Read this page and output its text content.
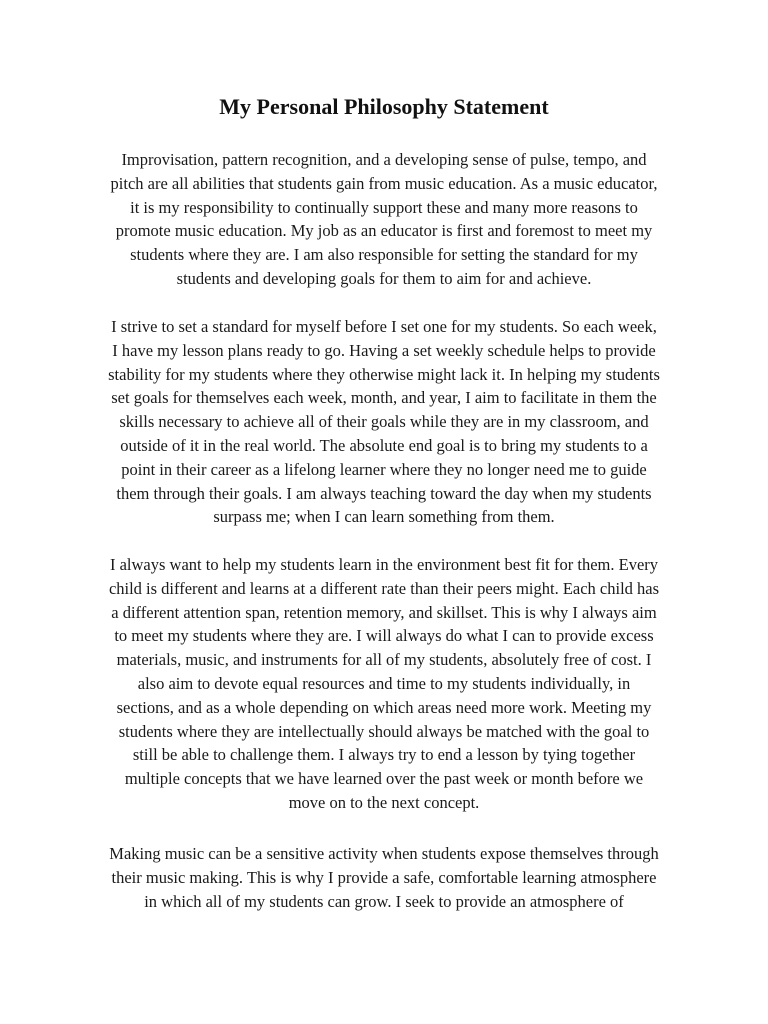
My Personal Philosophy Statement

Improvisation, pattern recognition, and a developing sense of pulse, tempo, and
pitch are all abilities that students gain from music education. As a music educator,
it is my responsibility to continually support these and many more reasons to
promote music education. My job as an educator is first and foremost to meet my
students where they are. I am also responsible for setting the standard for my
students and developing goals for them to aim for and achieve.

I strive to set a standard for myself before I set one for my students. So each week,
I have my lesson plans ready to go. Having a set weekly schedule helps to provide
stability for my students where they otherwise might lack it. In helping my students
set goals for themselves each week, month, and year, I aim to facilitate in them the
skills necessary to achieve all of their goals while they are in my classroom, and
outside of it in the real world. The absolute end goal is to bring my students to a
point in their career as a lifelong learner where they no longer need me to guide
them through their goals. I am always teaching toward the day when my students
surpass me; when I can learn something from them.

I always want to help my students learn in the environment best fit for them. Every
child is different and learns at a different rate than their peers might. Each child has
a different attention span, retention memory, and skillset. This is why I always aim
to meet my students where they are. I will always do what I can to provide excess
materials, music, and instruments for all of my students, absolutely free of cost. I
also aim to devote equal resources and time to my students individually, in
sections, and as a whole depending on which areas need more work. Meeting my
students where they are intellectually should always be matched with the goal to
still be able to challenge them. I always try to end a lesson by tying together
multiple concepts that we have learned over the past week or month before we
move on to the next concept.

Making music can be a sensitive activity when students expose themselves through
their music making. This is why I provide a safe, comfortable learning atmosphere
in which all of my students can grow. I seek to provide an atmosphere of
